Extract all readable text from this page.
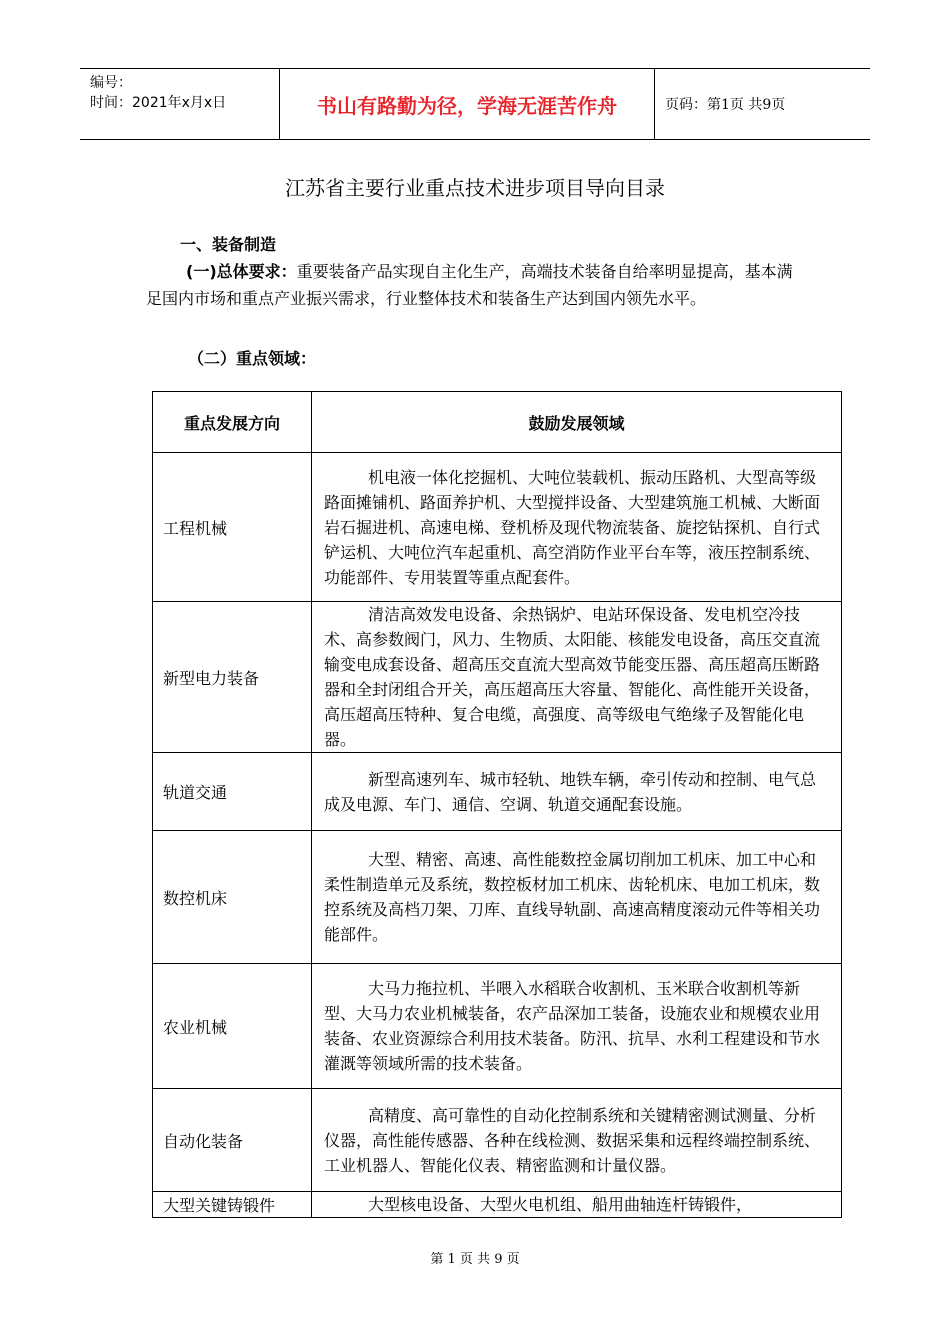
编号：
时间：2021年x月x日	书山有路勤为径，学海无涯苦作舟	页码：第1页 共9页
江苏省主要行业重点技术进步项目导向目录
一、装备制造
(一)总体要求：重要装备产品实现自主化生产，高端技术装备自给率明显提高，基本满足国内市场和重点产业振兴需求，行业整体技术和装备生产达到国内领先水平。
（二）重点领域：
重点发展方向	鼓励发展领域
工程机械	机电液一体化挖掘机、大吨位装载机、振动压路机、大型高等级路面摊铺机、路面养护机、大型搅拌设备、大型建筑施工机械、大断面岩石掘进机、高速电梯、登机桥及现代物流装备、旋挖钻探机、自行式铲运机、大吨位汽车起重机、高空消防作业平台车等，液压控制系统、功能部件、专用装置等重点配套件。
新型电力装备	清洁高效发电设备、余热锅炉、电站环保设备、发电机空冷技术、高参数阀门，风力、生物质、太阳能、核能发电设备，高压交直流输变电成套设备、超高压交直流大型高效节能变压器、高压超高压断路器和全封闭组合开关，高压超高压大容量、智能化、高性能开关设备，高压超高压特种、复合电缆，高强度、高等级电气绝缘子及智能化电器。
轨道交通	新型高速列车、城市轻轨、地铁车辆，牵引传动和控制、电气总成及电源、车门、通信、空调、轨道交通配套设施。
数控机床	大型、精密、高速、高性能数控金属切削加工机床、加工中心和柔性制造单元及系统，数控板材加工机床、齿轮机床、电加工机床，数控系统及高档刀架、刀库、直线导轨副、高速高精度滚动元件等相关功能部件。
农业机械	大马力拖拉机、半喂入水稻联合收割机、玉米联合收割机等新型、大马力农业机械装备，农产品深加工装备，设施农业和规模农业用装备、农业资源综合利用技术装备。防汛、抗旱、水利工程建设和节水灌溉等领域所需的技术装备。
自动化装备	高精度、高可靠性的自动化控制系统和关键精密测试测量、分析仪器，高性能传感器、各种在线检测、数据采集和远程终端控制系统、工业机器人、智能化仪表、精密监测和计量仪器。
大型关键铸锻件	大型核电设备、大型火电机组、船用曲轴连杆铸锻件，
第 1 页 共 9 页
